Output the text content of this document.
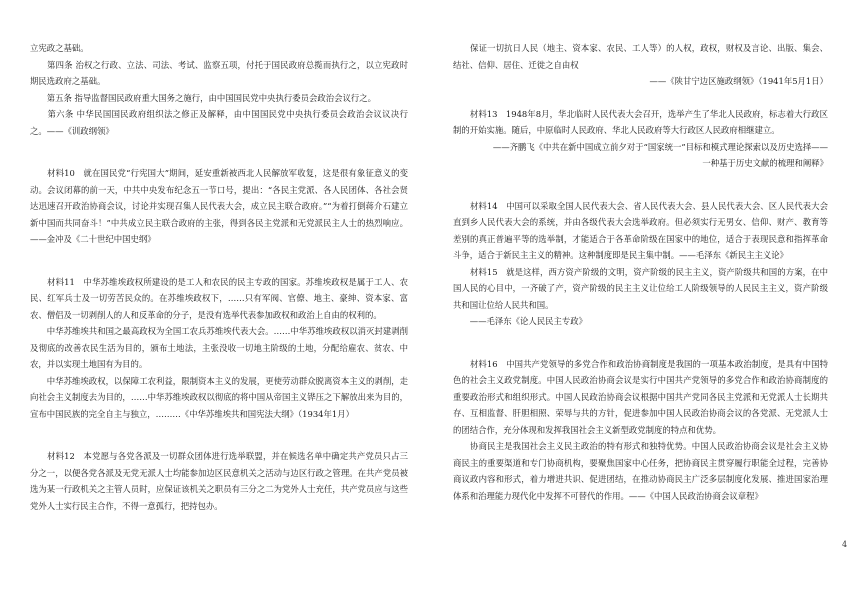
立宪政之基础。

　　第四条 治权之行政、立法、司法、考试、监察五项，付托于国民政府总揽而执行之，以立宪政时期民选政府之基础。

　　第五条 指导监督国民政府重大国务之施行，由中国国民党中央执行委员会政治会议行之。

　　第六条 中华民国国民政府组织法之修正及解释，由中国国民党中央执行委员会政治会议议决行之。——《训政纲领》

　　材料10　就在国民党“行宪国大”期间，延安重新被西北人民解放军收复，这是很有象征意义的变动。会议闭幕的前一天，中共中央发布纪念五一节口号，提出：“各民主党派、各人民团体、各社会贤达迅速召开政治协商会议，讨论并实现召集人民代表大会，成立民主联合政府。”“为着打倒蒋介石建立新中国而共同奋斗！”中共成立民主联合政府的主张，得到各民主党派和无党派民主人士的热烈响应。——金冲及《二十世纪中国史纲》

　　材料11　中华苏维埃政权所建设的是工人和农民的民主专政的国家。苏维埃政权是属于工人、农民、红军兵士及一切劳苦民众的。在苏维埃政权下，……只有军阀、官僚、地主、豪绅、资本家、富农、僧侣及一切剥削人的人和反革命的分子，是没有选举代表参加政权和政治上自由的权利的。

　　中华苏维埃共和国之最高政权为全国工农兵苏维埃代表大会。……中华苏维埃政权以消灭封建剥削及彻底的改善农民生活为目的，颁布土地法，主张没收一切地主阶级的土地，分配给雇农、贫农、中农，并以实现土地国有为目的。

　　中华苏维埃政权，以保障工农利益，限制资本主义的发展，更使劳动群众脱离资本主义的剥削，走向社会主义制度去为目的，……中华苏维埃政权以彻底的将中国从帝国主义铧压之下解放出来为目的，宣布中国民族的完全自主与独立，………《中华苏维埃共和国宪法大纲》（1934年1月）

　　材料12　本党愿与各党各派及一切群众团体进行选举联盟，并在候选名单中确定共产党员只占三分之一，以便各党各派及无党无派人士均能参加边区民意机关之活动与边区行政之管理。在共产党员被选为某一行政机关之主管人员时，应保证该机关之职员有三分之二为党外人士充任，共产党员应与这些党外人士实行民主合作，不得一意孤行，把持包办。

　　保证一切抗日人民（地主、资本家、农民、工人等）的人权，政权，财权及言论、出版、集会、结社、信仰、居住、迁徙之自由权

——《陕甘宁边区施政纲领》（1941年5月1日）

　　材料13　1948年8月，华北临时人民代表大会召开，选举产生了华北人民政府，标志着大行政区制的开始实施。随后，中原临时人民政府、华北人民政府等大行政区人民政府相继建立。

——齐鹏飞《中共在新中国成立前夕对于“国家统一”目标和模式理论探索以及历史选择——

一种基于历史文献的梳理和阐释》

　　材料14　中国可以采取全国人民代表大会、省人民代表大会、县人民代表大会、区人民代表大会直到乡人民代表大会的系统，并由各级代表大会选举政府。但必须实行无男女、信仰、财产、教育等差别的真正普遍平等的选举制，才能适合于各革命阶级在国家中的地位，适合于表现民意和指挥革命斗争，适合于新民主主义的精神。这种制度即是民主集中制。——毛泽东《新民主主义论》

　　材料15　就是这样，西方资产阶级的文明，资产阶级的民主主义，资产阶级共和国的方案，在中国人民的心目中，一齐破了产，资产阶级的民主主义让位给工人阶级领导的人民民主主义，资产阶级共和国让位给人民共和国。

　　——毛泽东《论人民民主专政》

　　材料16　中国共产党领导的多党合作和政治协商制度是我国的一项基本政治制度，是具有中国特色的社会主义政党制度。中国人民政治协商会议是实行中国共产党领导的多党合作和政治协商制度的重要政治形式和组织形式。中国人民政治协商会议根据中国共产党同各民主党派和无党派人士长期共存、互相监督、肝胆相照、荣辱与共的方针，促进参加中国人民政治协商会议的各党派、无党派人士的团结合作，充分体现和发挥我国社会主义新型政党制度的特点和优势。

　　协商民主是我国社会主义民主政治的特有形式和独特优势。中国人民政治协商会议是社会主义协商民主的重要渠道和专门协商机构，要聚焦国家中心任务，把协商民主贯穿履行职能全过程，完善协商议政内容和形式，着力增进共识、促进团结，在推动协商民主广泛多层制度化发展、推进国家治理体系和治理能力现代化中发挥不可替代的作用。——《中国人民政治协商会议章程》

4
